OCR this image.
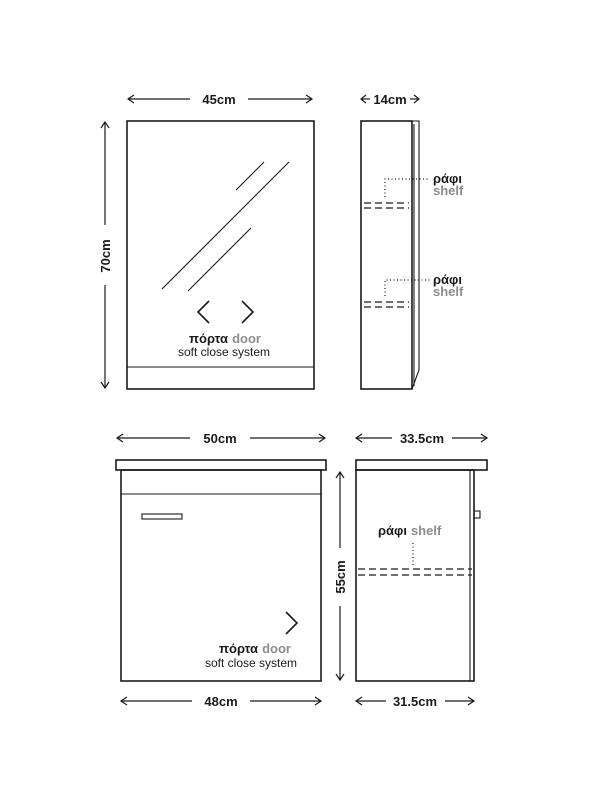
45cm
70cm
πόρτα door
soft close system
14cm
ράφι
shelf
ράφι
shelf
50cm
πόρτα door
soft close system
48cm
33.5cm
55cm
ράφι shelf
31.5cm
